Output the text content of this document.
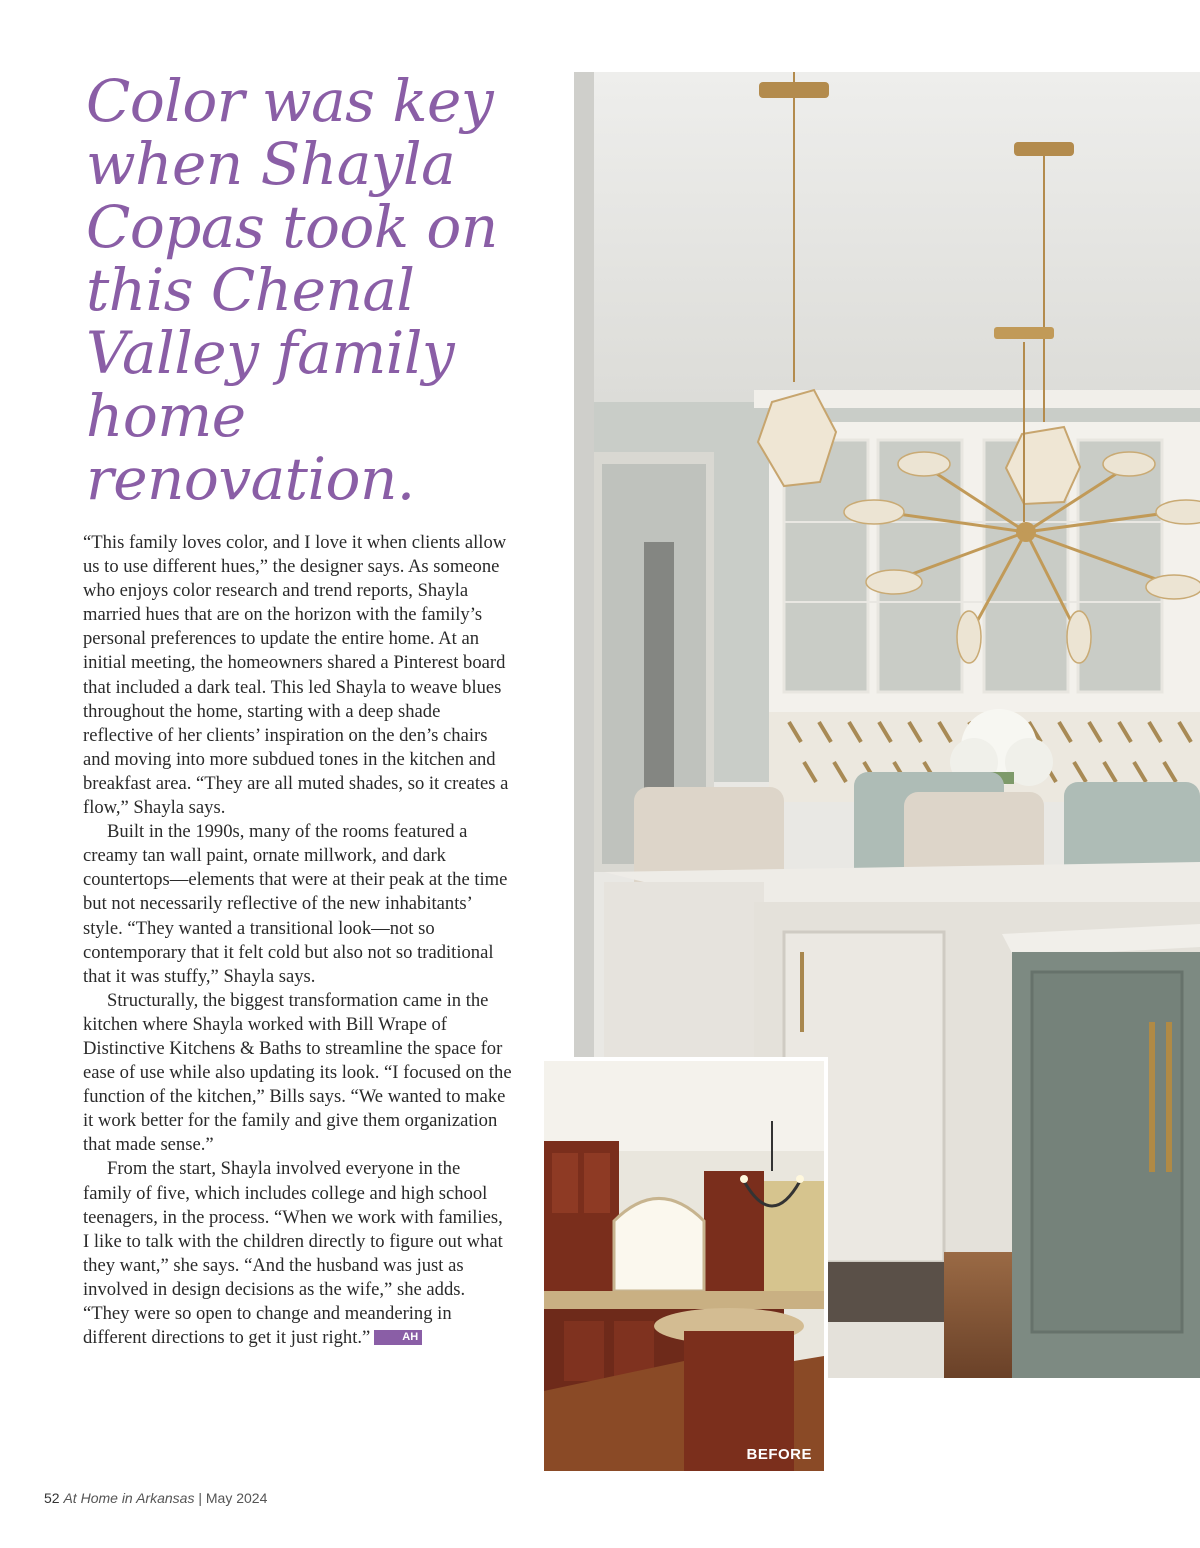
Color was key when Shayla Copas took on this Chenal Valley family home renovation.

“This family loves color, and I love it when clients allow us to use different hues,” the designer says. As someone who enjoys color research and trend reports, Shayla married hues that are on the horizon with the family’s personal preferences to update the entire home. At an initial meeting, the homeowners shared a Pinterest board that included a dark teal. This led Shayla to weave blues throughout the home, starting with a deep shade reflective of her clients’ inspiration on the den’s chairs and moving into more subdued tones in the kitchen and breakfast area. “They are all muted shades, so it creates a flow,” Shayla says.

Built in the 1990s, many of the rooms featured a creamy tan wall paint, ornate millwork, and dark countertops—elements that were at their peak at the time but not necessarily reflective of the new inhabitants’ style. “They wanted a transitional look—not so contemporary that it felt cold but also not so traditional that it was stuffy,” Shayla says.

Structurally, the biggest transformation came in the kitchen where Shayla worked with Bill Wrape of Distinctive Kitchens & Baths to streamline the space for ease of use while also updating its look. “I focused on the function of the kitchen,” Bills says. “We wanted to make it work better for the family and give them organization that made sense.”

From the start, Shayla involved everyone in the family of five, which includes college and high school teenagers, in the process. “When we work with families, I like to talk with the children directly to figure out what they want,” she says. “And the husband was just as involved in design decisions as the wife,” she adds. “They were so open to change and meandering in different directions to get it just right.”	AH

BEFORE
52 At Home in Arkansas | May 2024
